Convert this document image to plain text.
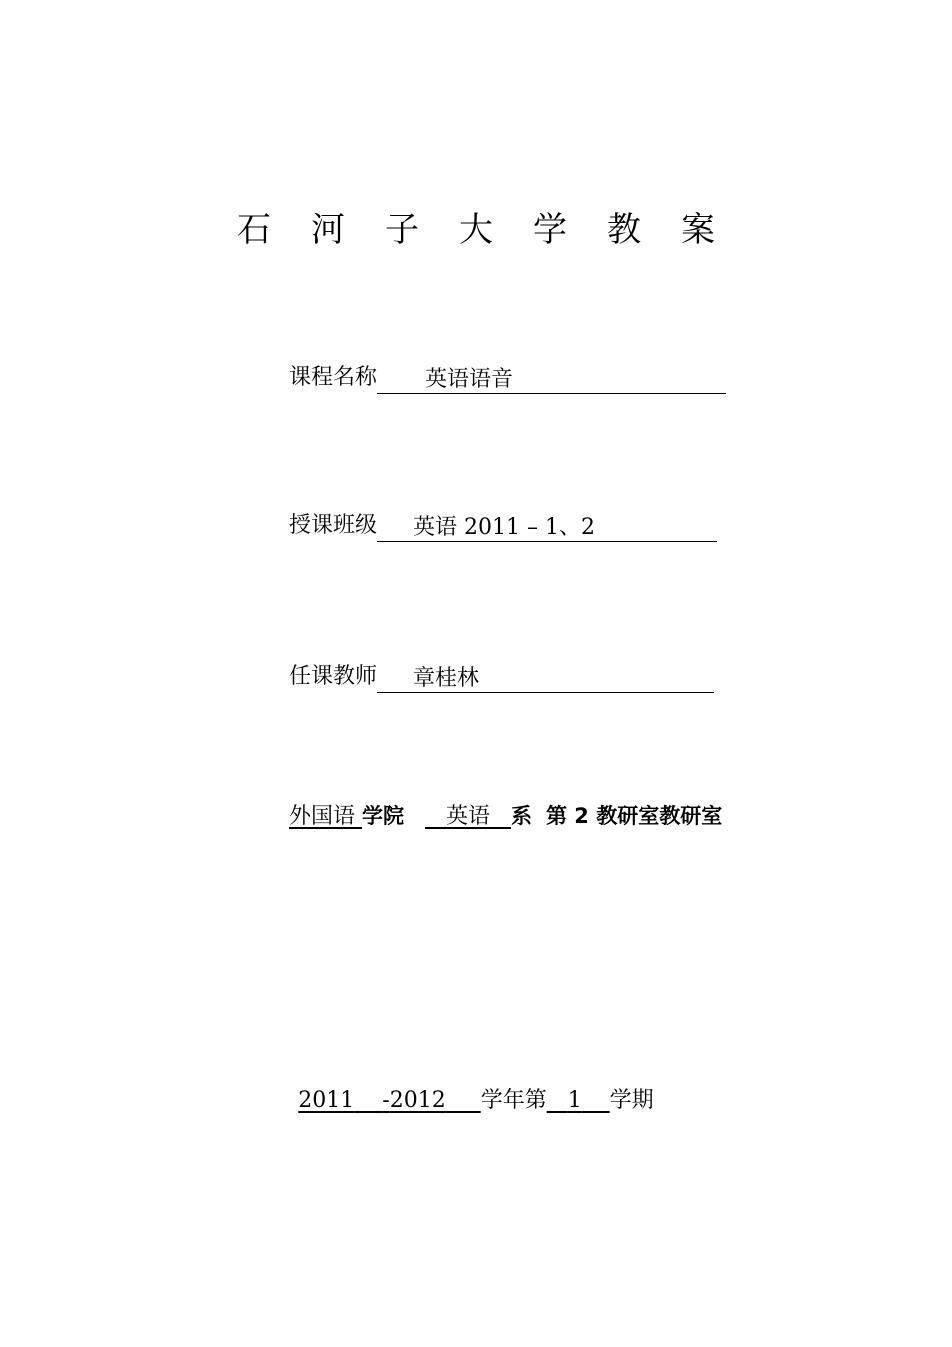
石 河 子 大 学 教 案
课程名称 英语语音
授课班级 英语 2011 – 1、2
任课教师 章桂林
外国语 学院 英语 系 第 2 教研室教研室
2011 -2012 学年第 1 学期
